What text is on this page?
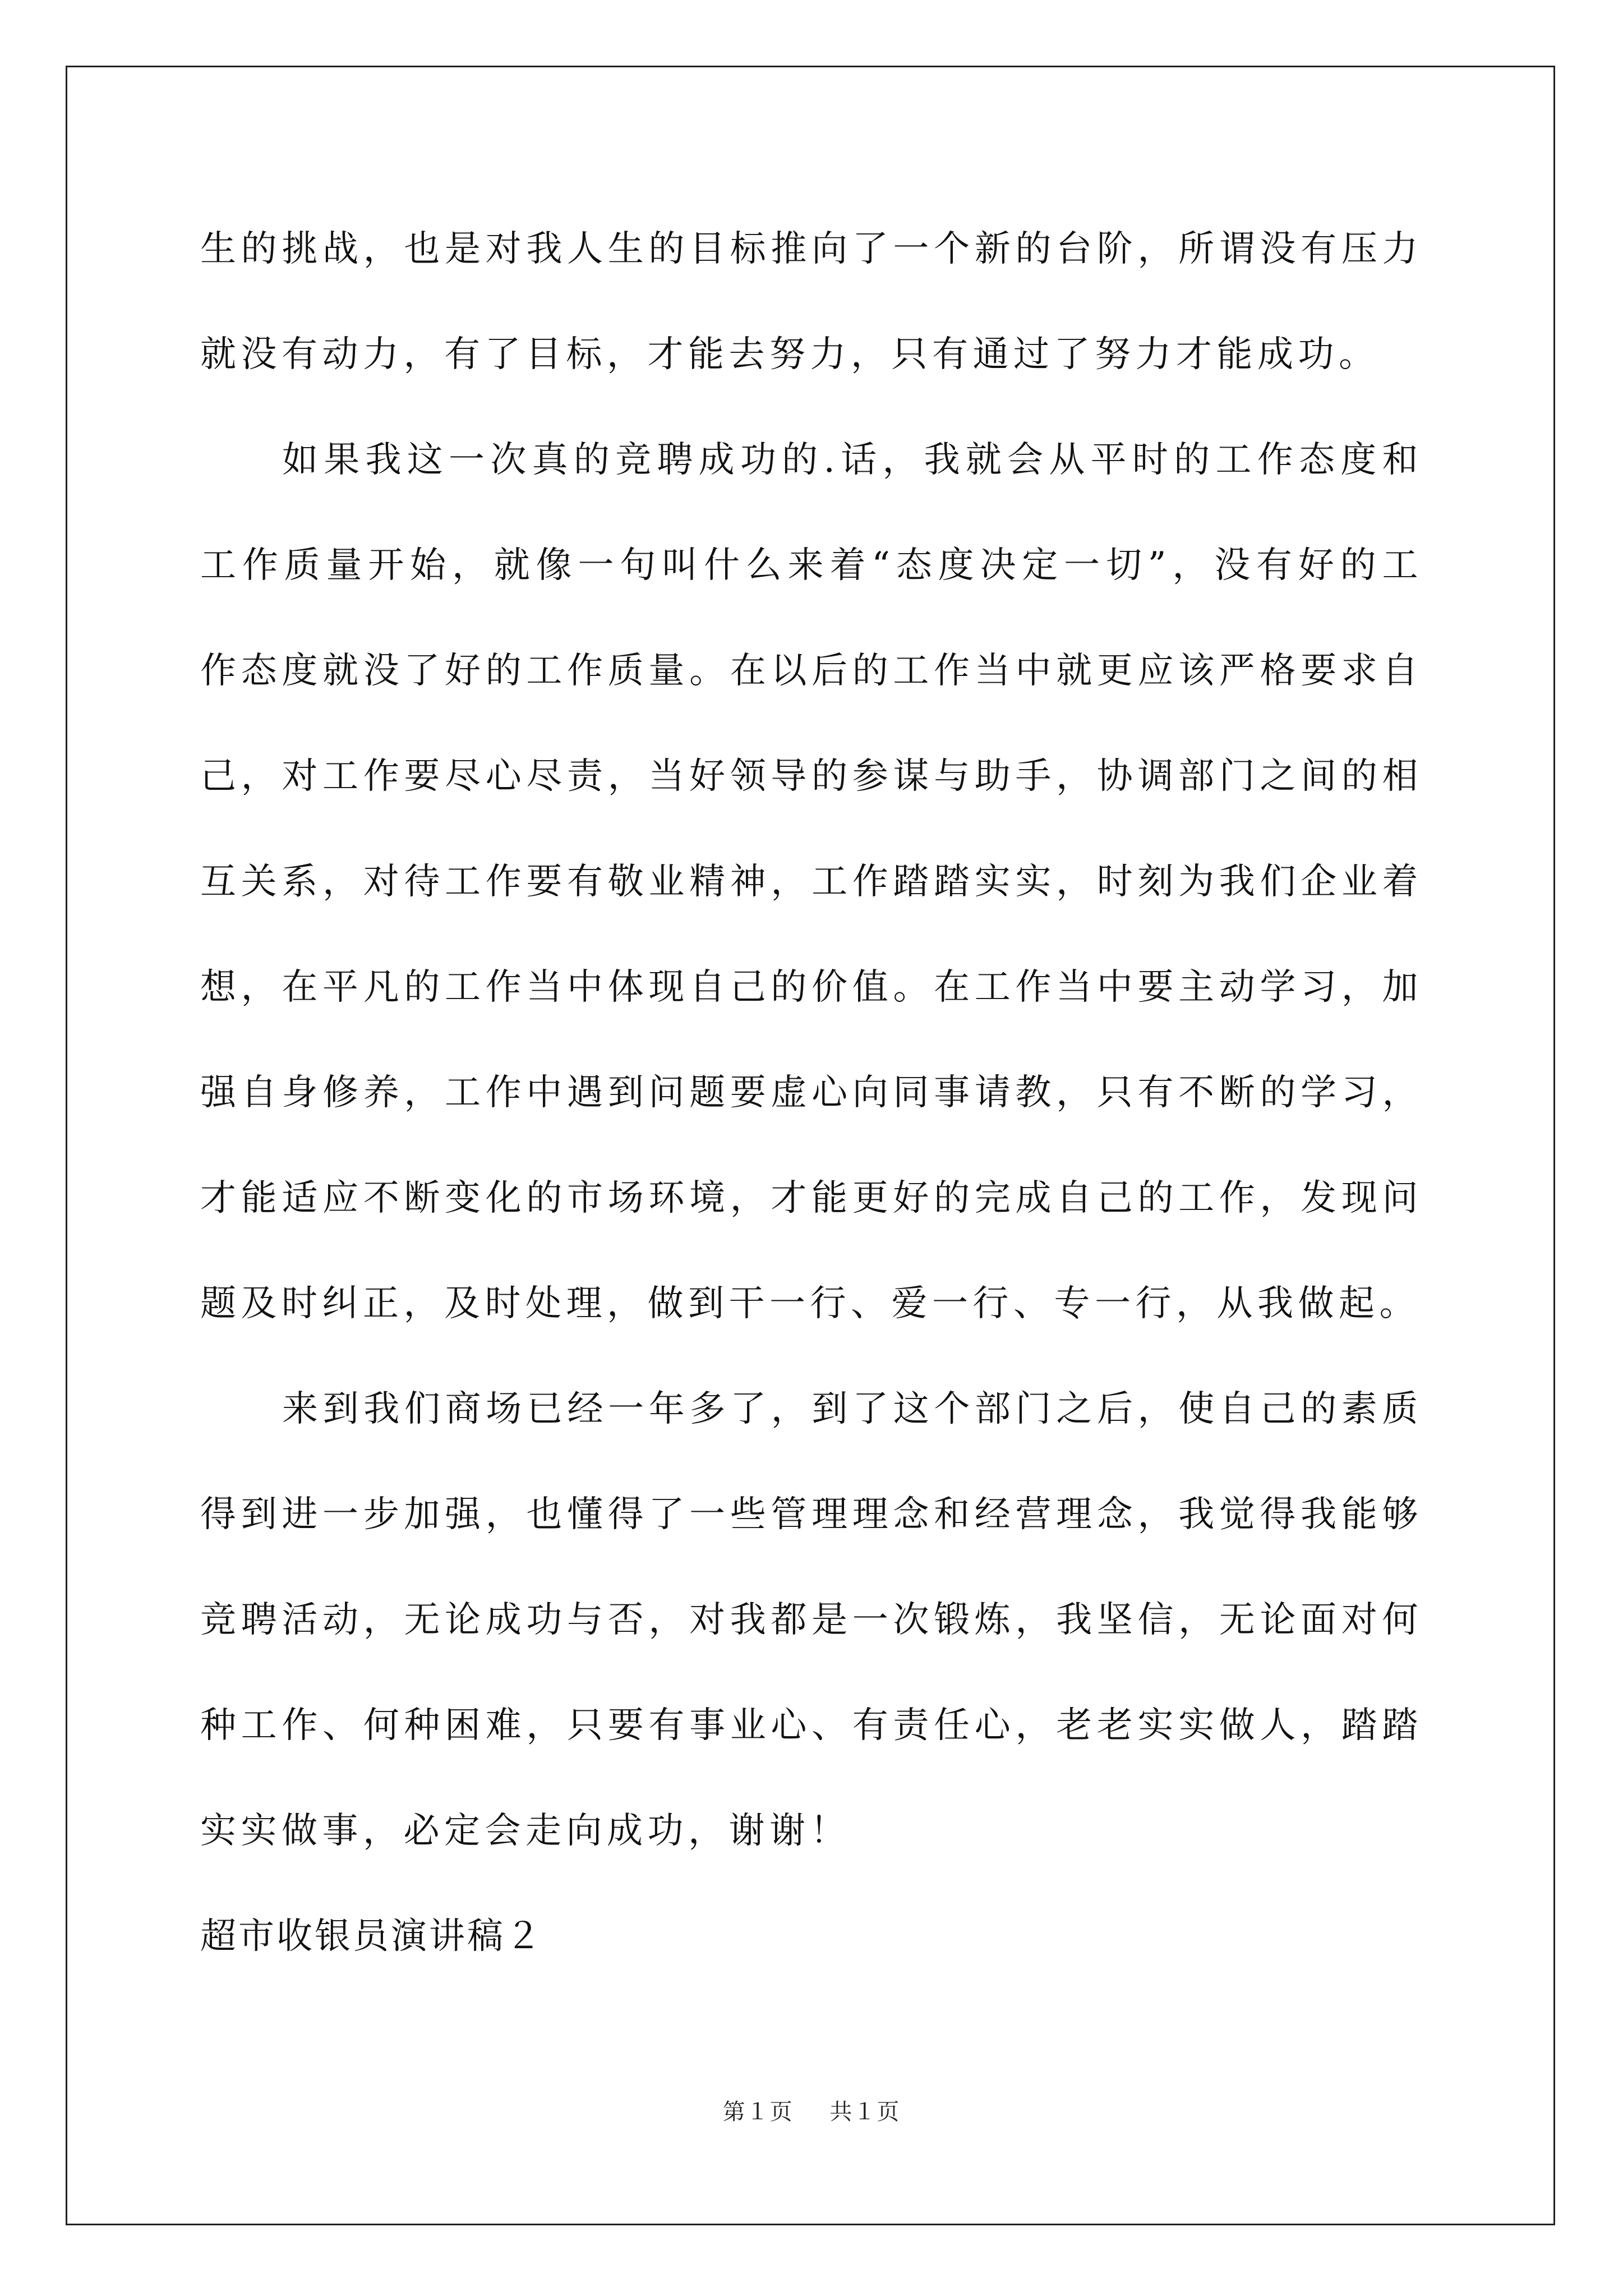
生的挑战，也是对我人生的目标推向了一个新的台阶，所谓没有压力就没有动力，有了目标，才能去努力，只有通过了努力才能成功。

如果我这一次真的竞聘成功的.话，我就会从平时的工作态度和工作质量开始，就像一句叫什么来着“态度决定一切”，没有好的工作态度就没了好的工作质量。在以后的工作当中就更应该严格要求自己，对工作要尽心尽责，当好领导的参谋与助手，协调部门之间的相互关系，对待工作要有敬业精神，工作踏踏实实，时刻为我们企业着想，在平凡的工作当中体现自己的价值。在工作当中要主动学习，加强自身修养，工作中遇到问题要虚心向同事请教，只有不断的学习，才能适应不断变化的市场环境，才能更好的完成自己的工作，发现问题及时纠正，及时处理，做到干一行、爱一行、专一行，从我做起。

来到我们商场已经一年多了，到了这个部门之后，使自己的素质得到进一步加强，也懂得了一些管理理念和经营理念，我觉得我能够竞聘活动，无论成功与否，对我都是一次锻炼，我坚信，无论面对何种工作、何种困难，只要有事业心、有责任心，老老实实做人，踏踏实实做事，必定会走向成功，谢谢！

超市收银员演讲稿２

第１页 共１页
